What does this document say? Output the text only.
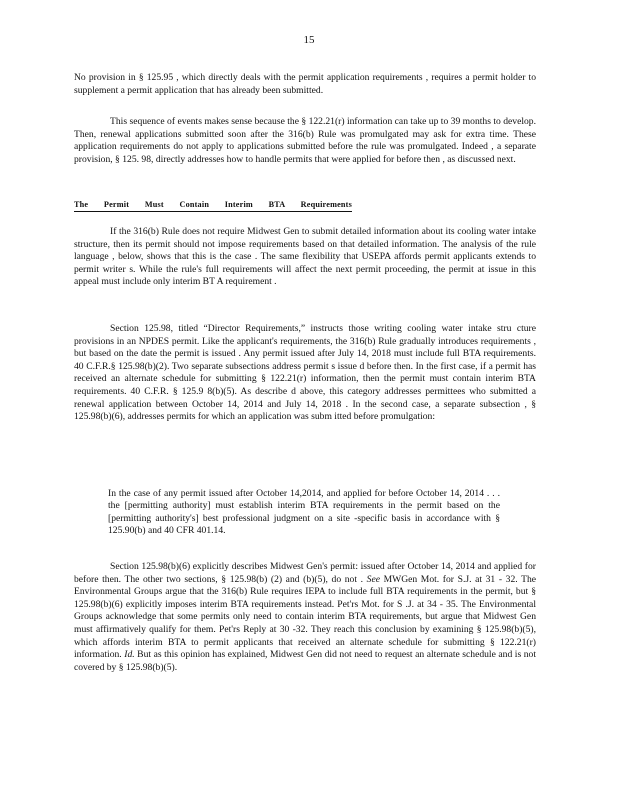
15

No provision in § 125.95 , which directly deals with the permit application requirements , requires a permit holder to supplement a permit application that has already been submitted.

This sequence of events makes sense because the § 122.21(r) information can take up to 39 months to develop. Then, renewal applications submitted soon after the 316(b) Rule was promulgated may ask for extra time. These application requirements do not apply to applications submitted before the rule was promulgated. Indeed , a separate provision, § 125. 98, directly addresses how to handle permits that were applied for before then , as discussed next.

The Permit Must Contain Interim BTA Requirements

If the 316(b) Rule does not require Midwest Gen to submit detailed information about its cooling water intake structure, then its permit should not impose requirements based on that detailed information. The analysis of the rule language , below, shows that this is the case . The same flexibility that USEPA affords permit applicants extends to permit writer s. While the rule's full requirements will affect the next permit proceeding, the permit at issue in this appeal must include only interim BT A requirement .

Section 125.98, titled “Director Requirements,” instructs those writing cooling water intake stru cture provisions in an NPDES permit. Like the applicant's requirements, the 316(b) Rule gradually introduces requirements , but based on the date the permit is issued . Any permit issued after July 14, 2018 must include full BTA requirements. 40 C.F.R.§ 125.98(b)(2). Two separate subsections address permit s issue d before then. In the first case, if a permit has received an alternate schedule for submitting § 122.21(r) information, then the permit must contain interim BTA requirements. 40 C.F.R. § 125.9 8(b)(5). As describe d above, this category addresses permittees who submitted a renewal application between October 14, 2014 and July 14, 2018 . In the second case, a separate subsection , § 125.98(b)(6), addresses permits for which an application was subm itted before promulgation:

In the case of any permit issued after October 14,2014, and applied for before October 14, 2014 . . . the [permitting authority] must establish interim BTA requirements in the permit based on the [permitting authority's] best professional judgment on a site -specific basis in accordance with § 125.90(b) and 40 CFR 401.14.

Section 125.98(b)(6) explicitly describes Midwest Gen's permit: issued after October 14, 2014 and applied for before then. The other two sections, § 125.98(b) (2) and (b)(5), do not . See MWGen Mot. for S.J. at 31 - 32. The Environmental Groups argue that the 316(b) Rule requires IEPA to include full BTA requirements in the permit, but § 125.98(b)(6) explicitly imposes interim BTA requirements instead. Pet'rs Mot. for S .J. at 34 - 35. The Environmental Groups acknowledge that some permits only need to contain interim BTA requirements, but argue that Midwest Gen must affirmatively qualify for them. Pet'rs Reply at 30 -32. They reach this conclusion by examining § 125.98(b)(5), which affords interim BTA to permit applicants that received an alternate schedule for submitting § 122.21(r) information. Id. But as this opinion has explained, Midwest Gen did not need to request an alternate schedule and is not covered by § 125.98(b)(5).
